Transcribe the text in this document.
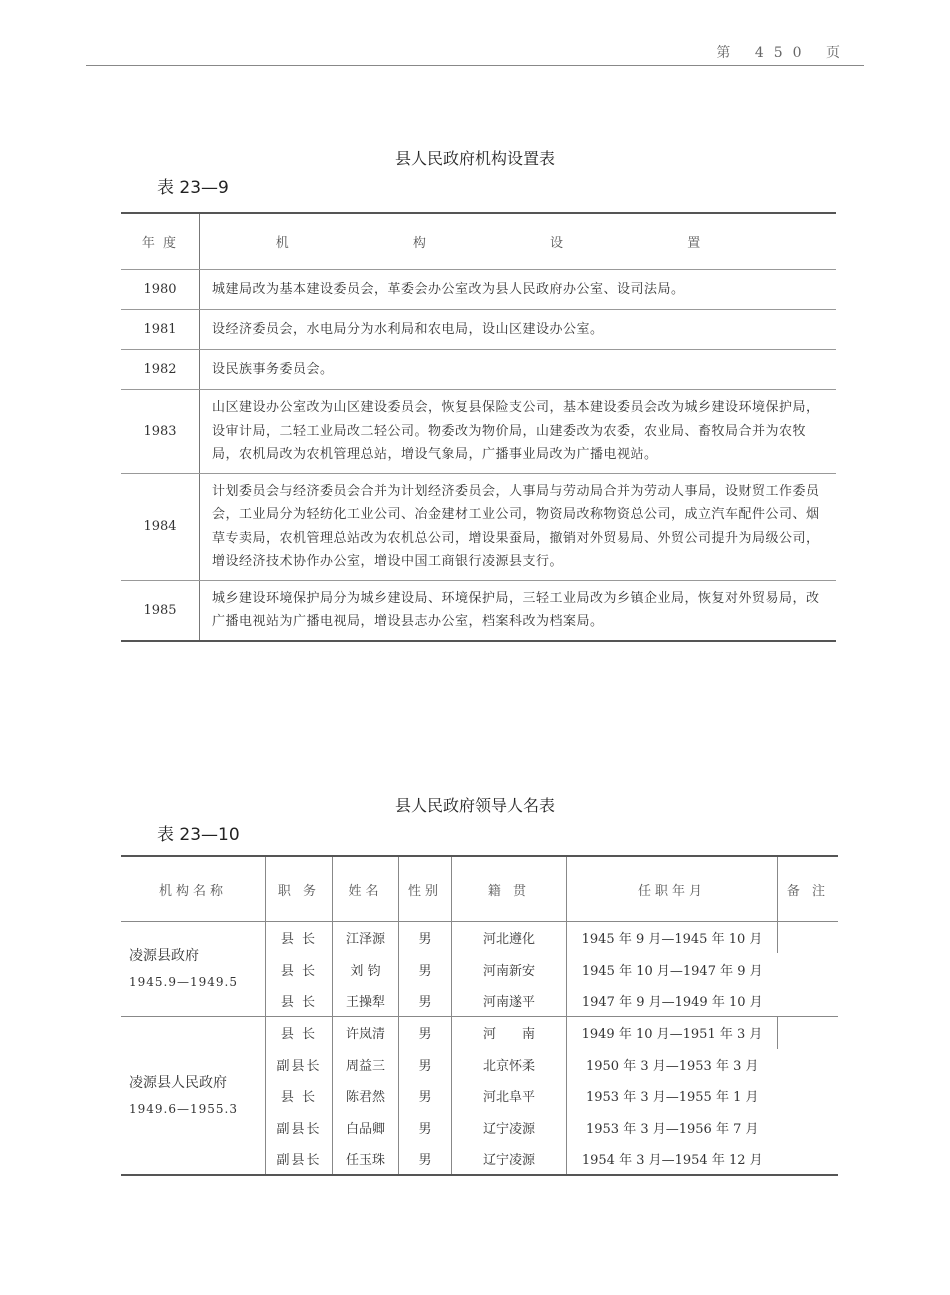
第 450 页
县人民政府机构设置表
表 23—9
年 度	机 构 设 置
1980	城建局改为基本建设委员会，革委会办公室改为县人民政府办公室、设司法局。
1981	设经济委员会，水电局分为水利局和农电局，设山区建设办公室。
1982	设民族事务委员会。
1983	山区建设办公室改为山区建设委员会，恢复县保险支公司，基本建设委员会改为城乡建设环境保护局，设审计局，二轻工业局改二轻公司。物委改为物价局，山建委改为农委，农业局、畜牧局合并为农牧局，农机局改为农机管理总站，增设气象局，广播事业局改为广播电视站。
1984	计划委员会与经济委员会合并为计划经济委员会，人事局与劳动局合并为劳动人事局，设财贸工作委员会，工业局分为轻纺化工业公司、冶金建材工业公司，物资局改称物资总公司，成立汽车配件公司、烟草专卖局，农机管理总站改为农机总公司，增设果蚕局，撤销对外贸易局、外贸公司提升为局级公司，增设经济技术协作办公室，增设中国工商银行凌源县支行。
1985	城乡建设环境保护局分为城乡建设局、环境保护局，三轻工业局改为乡镇企业局，恢复对外贸易局，改广播电视站为广播电视局，增设县志办公室，档案科改为档案局。
县人民政府领导人名表
表 23—10
机构名称	职 务	姓名	性别	籍 贯	任职年月	备 注

凌源县政府
1945.9—1949.5	县 长	江泽源	男	河北遵化	1945 年 9 月—1945 年 10 月	
	县 长	刘 钧	男	河南新安	1945 年 10 月—1947 年 9 月	
	县 长	王操犁	男	河南遂平	1947 年 9 月—1949 年 10 月	

凌源县人民政府
1949.6—1955.3	县 长	许岚清	男	河　　南	1949 年 10 月—1951 年 3 月	
	副县长	周益三	男	北京怀柔	1950 年 3 月—1953 年 3 月	
	县 长	陈君然	男	河北阜平	1953 年 3 月—1955 年 1 月	
	副县长	白品卿	男	辽宁凌源	1953 年 3 月—1956 年 7 月	
	副县长	任玉珠	男	辽宁凌源	1954 年 3 月—1954 年 12 月	
